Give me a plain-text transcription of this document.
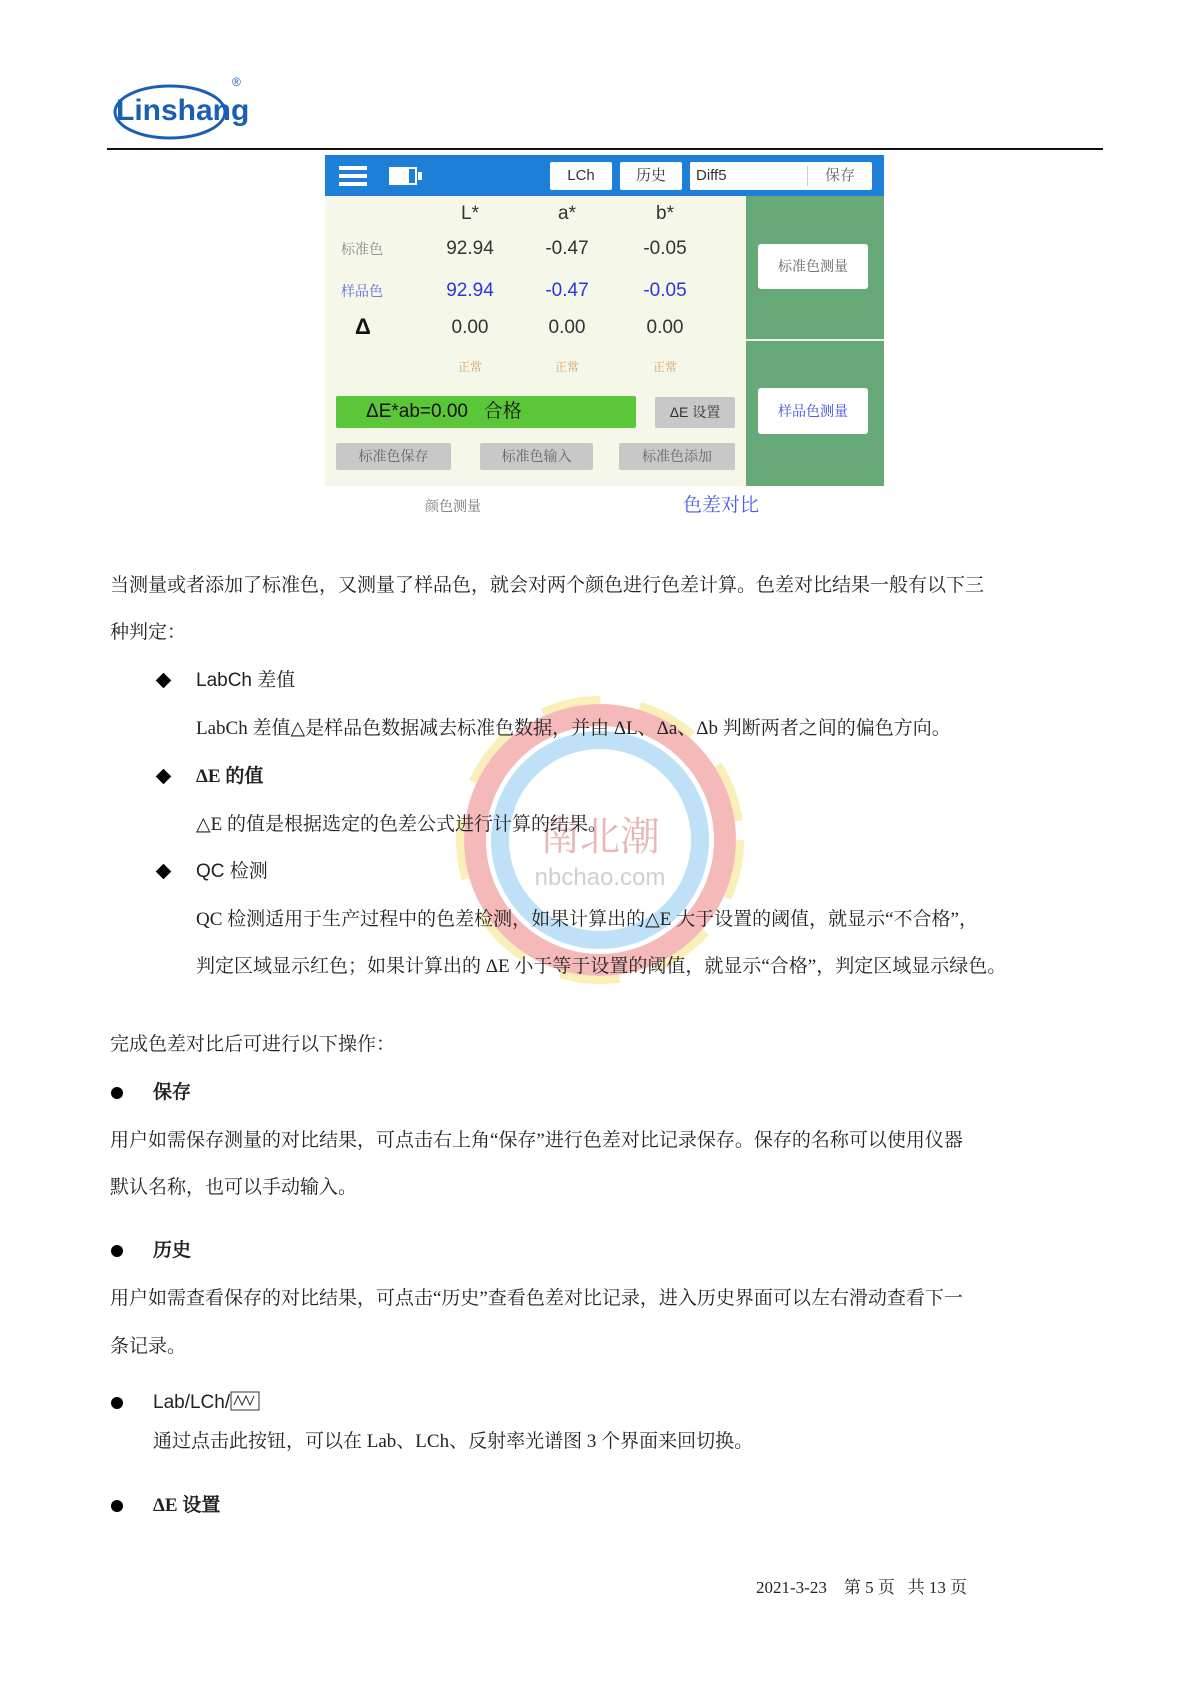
Linshang
®
LCh	历史	Diff5	保存
标准色测量
样品色测量
L*	a*	b*
标准色	92.94	-0.47	-0.05
样品色	92.94	-0.47	-0.05
Δ	0.00	0.00	0.00
正常	正常	正常
ΔE*ab=0.00   合格	ΔE 设置
标准色保存	标准色输入	标准色添加
颜色测量	色差对比
南北潮
nbchao.com
当测量或者添加了标准色，又测量了样品色，就会对两个颜色进行色差计算。色差对比结果一般有以下三
种判定：
LabCh 差值
LabCh 差值△是样品色数据减去标准色数据，并由 ΔL、Δa、Δb 判断两者之间的偏色方向。
ΔE 的值
△E 的值是根据选定的色差公式进行计算的结果。
QC 检测
QC 检测适用于生产过程中的色差检测，如果计算出的△E 大于设置的阈值，就显示“不合格”，
判定区域显示红色；如果计算出的 ΔE 小于等于设置的阈值，就显示“合格”，判定区域显示绿色。
完成色差对比后可进行以下操作：
保存
用户如需保存测量的对比结果，可点击右上角“保存”进行色差对比记录保存。保存的名称可以使用仪器
默认名称，也可以手动输入。
历史
用户如需查看保存的对比结果，可点击“历史”查看色差对比记录，进入历史界面可以左右滑动查看下一
条记录。
Lab/LCh/
通过点击此按钮，可以在 Lab、LCh、反射率光谱图 3 个界面来回切换。
ΔE 设置
2021-3-23 第 5 页 共 13 页
